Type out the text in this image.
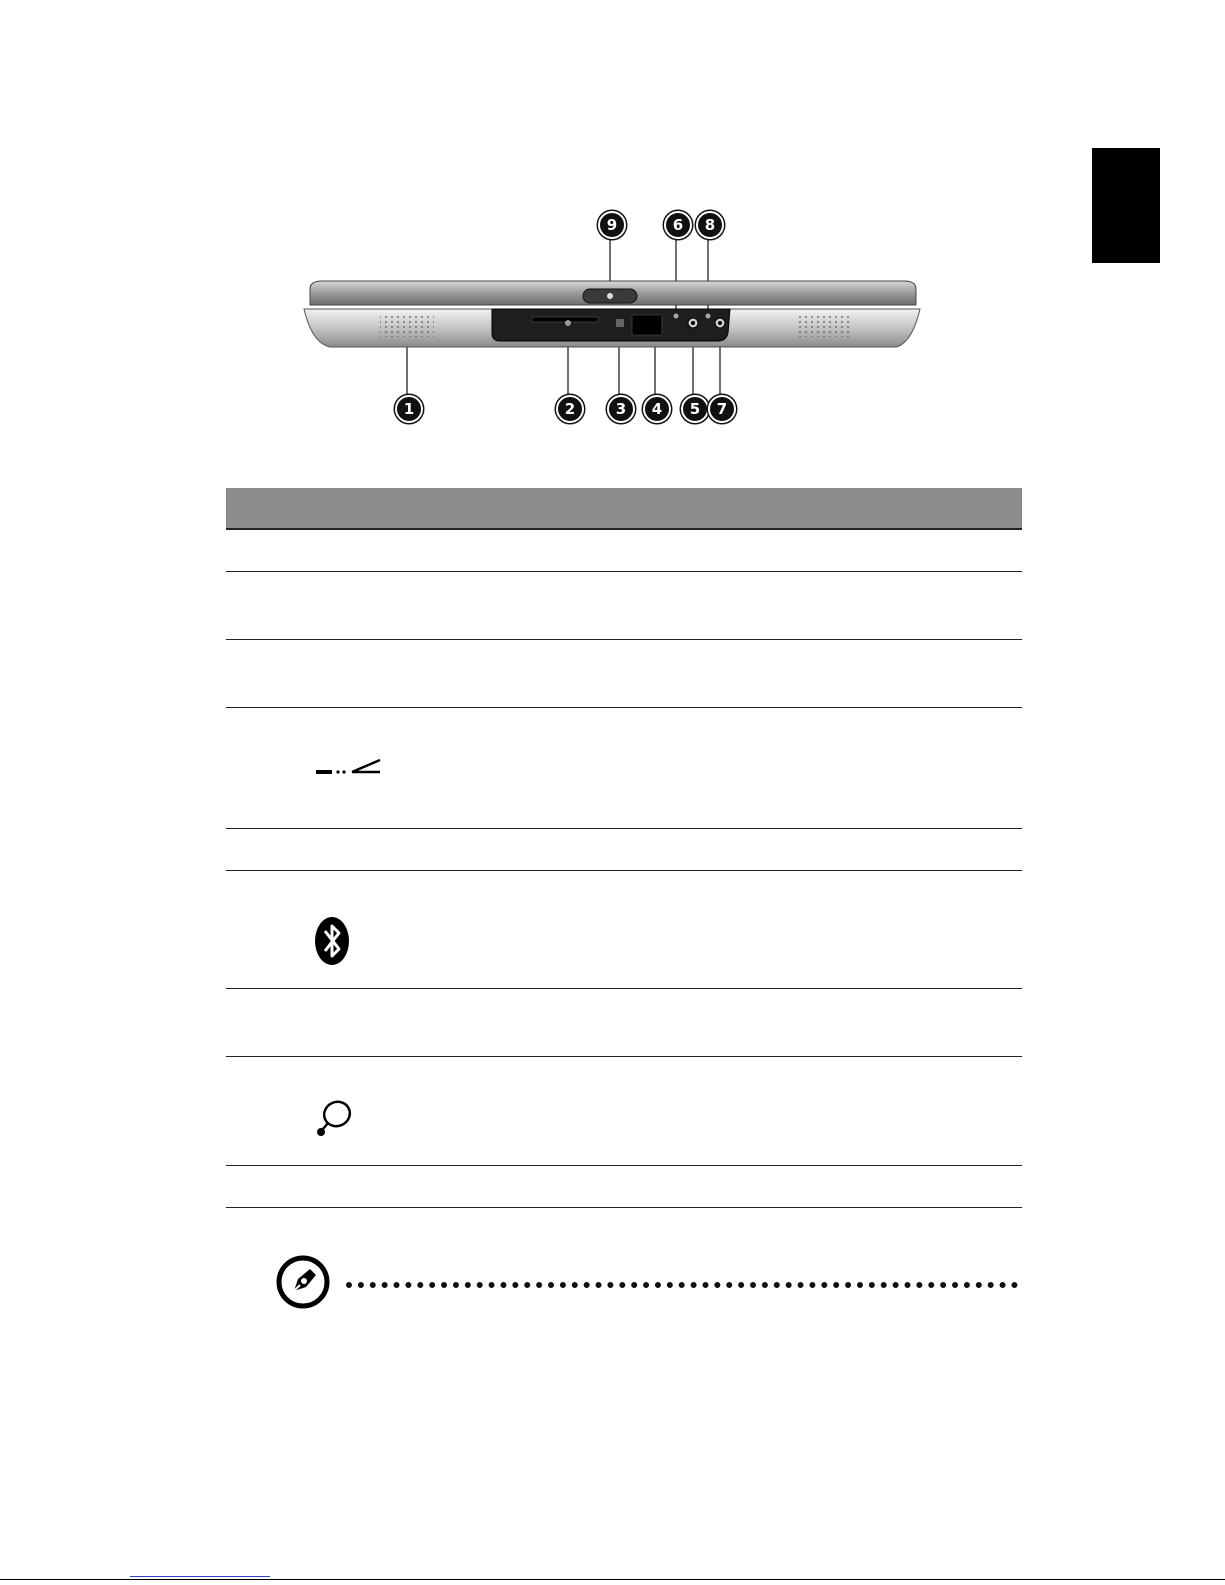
9	6	8
1	2	3	4	5	7
